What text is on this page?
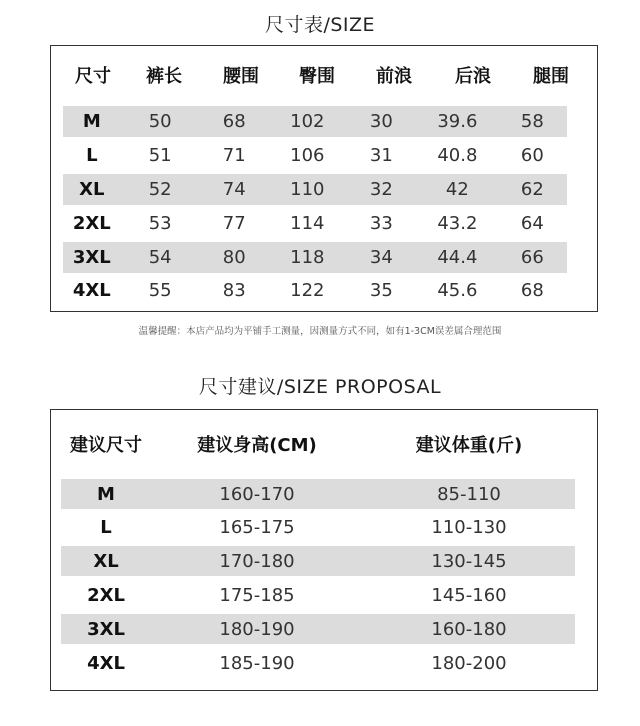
尺寸表/SIZE
尺寸	裤长	腰围	臀围	前浪	后浪	腿围
M	50	68	102	30	39.6	58
L	51	71	106	31	40.8	60
XL	52	74	110	32	42	62
2XL	53	77	114	33	43.2	64
3XL	54	80	118	34	44.4	66
4XL	55	83	122	35	45.6	68
温馨提醒：本店产品均为平铺手工测量，因测量方式不同，如有1-3CM误差属合理范围
尺寸建议/SIZE PROPOSAL
建议尺寸	建议身高(CM)	建议体重(斤)
M	160-170	85-110
L	165-175	110-130
XL	170-180	130-145
2XL	175-185	145-160
3XL	180-190	160-180
4XL	185-190	180-200
